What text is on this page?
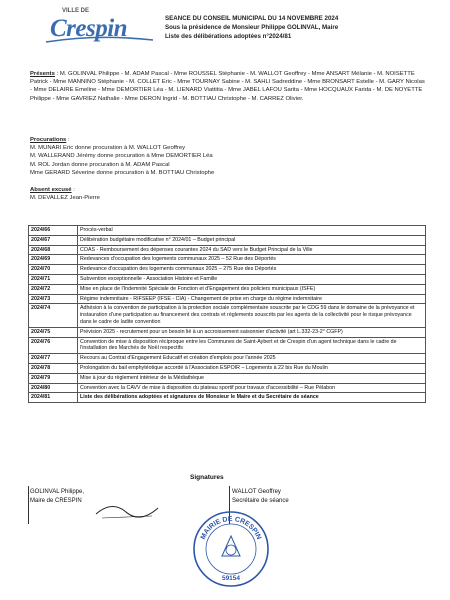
VILLE DE
Crespin	SEANCE DU CONSEIL MUNICIPAL DU 14 NOVEMBRE 2024
Sous la présidence de Monsieur Philippe GOLINVAL, Maire
Liste des délibérations adoptées n°2024/81
Présents : M. GOLINVAL Philippe - M. ADAM Pascal - Mme ROUSSEL Stéphanie - M. WALLOT Geoffrey - Mme ANSART Mélanie - M. NOISETTE Patrick - Mme MANNINO Stéphanie - M. COLLET Eric - Mme TOURNAY Sabine - M. SAHLI Sadreddine - Mme BRONSART Estelle - M. GARY Nicolas - Mme DELAIRE Emeline - Mme DEMORTIER Léa - M. LIENARD Viattitia - Mme JABEL LAFOU Sarita - Mme HOCQUAUX Farida - M. DE NOYETTE Philippe - Mme GAVRIEZ Nathalie - Mme DERON Ingrid - M. BOTTIAU Christophe - M. CARREZ Olivier.
Procurations :
M. MUNARI Eric donne procuration à M. WALLOT Geoffrey
M. WALLERAND Jérémy donne procuration à Mme DEMORTIER Léa
M. ROL Jordan donne procuration à M. ADAM Pascal
Mme GERARD Séverine donne procuration à M. BOTTIAU Christophe
Absent excusé :
M. DEVALLEZ Jean-Pierre
2024/66	Procès-verbal
2024/67	Délibération budgétaire modificative n° 2024/01 – Budget principal
2024/68	COAS - Remboursement des dépenses courantes 2024 du SAD vers le Budget Principal de la Ville
2024/69	Redevances d'occupation des logements communaux 2025 – 52 Rue des Déportés
2024/70	Redevance d'occupation des logements communaux 2025 – 275 Rue des Déportés
2024/71	Subvention exceptionnelle - Association Histoire et Famille
2024/72	Mise en place de l'Indemnité Spéciale de Fonction et d'Engagement des policiers municipaux (ISFE)
2024/73	Régime indemnitaire - RIFSEEP (IFSE - CIA) - Changement de prise en charge du régime indemnitaire
2024/74	Adhésion à la convention de participation à la protection sociale complémentaire souscrite par le CDG 59 dans le domaine de la prévoyance et instauration d'une participation au financement des contrats et règlements souscrits par les agents de la collectivité pour le risque prévoyance dans le cadre de ladite convention
2024/75	Prévision 2025 - recrutement pour un besoin lié à un accroissement saisonnier d'activité (art L.332-23-2° CGFP)
2024/76	Convention de mise à disposition réciproque entre les Communes de Saint-Aybert et de Crespin d'un agent technique dans le cadre de l'installation des Marchés de Noël respectifs
2024/77	Recours au Contrat d'Engagement Educatif et création d'emplois pour l'année 2025
2024/78	Prolongation du bail emphytéotique accordé à l'Association ESPOIR – Logements à 22 bis Rue du Moulin
2024/79	Mise à jour du règlement intérieur de la Médiathèque
2024/80	Convention avec la CAVV de mise à disposition du plateau sportif pour travaux d'accessibilité – Rue Pélabon
2024/81	Liste des délibérations adoptées et signatures de Monsieur le Maire et du Secrétaire de séance
Signatures
GOLINVAL Philippe,
Maire de CRESPIN
WALLOT Geoffrey
Secrétaire de séance
MAIRIE DE CRESPIN
59154
